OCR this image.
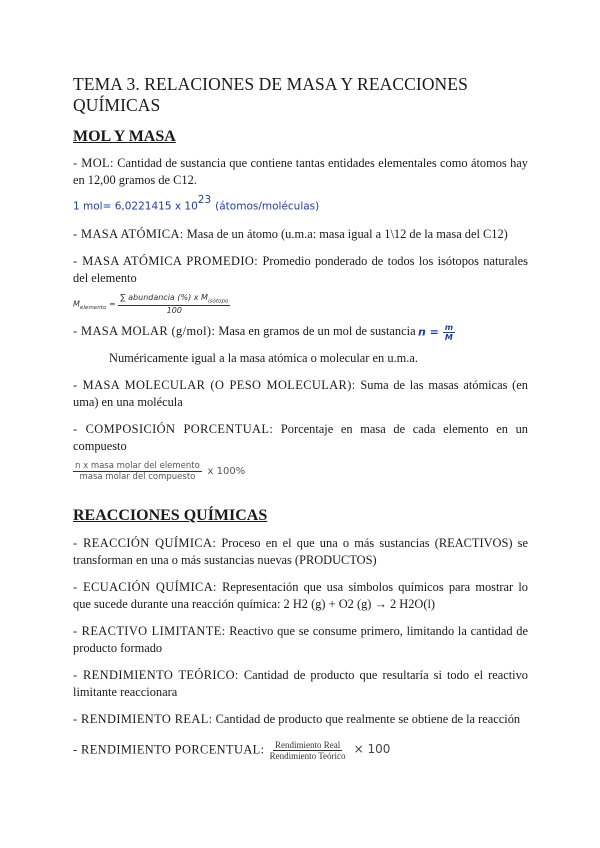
TEMA 3. RELACIONES DE MASA Y REACCIONES QUÍMICAS
MOL Y MASA

- MOL: Cantidad de sustancia que contiene tantas entidades elementales como átomos hay en 12,00 gramos de C12.

1 mol= 6,0221415 x $10^{23}$ (átomos/moléculas)

- MASA ATÓMICA: Masa de un átomo (u.m.a: masa igual a 1\12 de la masa del C12)

- MASA ATÓMICA PROMEDIO: Promedio ponderado de todos los isótopos naturales del elemento

$M_{elemento} = \frac{\sum abundancia (\%) x M_{isótopo}}{100}$

- MASA MOLAR (g/mol): Masa en gramos de un mol de sustancia $n = \frac{m}{M}$

Numéricamente igual a la masa atómica o molecular en u.m.a.

- MASA MOLECULAR (O PESO MOLECULAR): Suma de las masas atómicas (en uma) en una molécula

- COMPOSICIÓN PORCENTUAL: Porcentaje en masa de cada elemento en un compuesto

$\frac{\text{n x masa molar del elemento}}{\text{masa molar del compuesto}}$ x 100%
REACCIONES QUÍMICAS

- REACCIÓN QUÍMICA: Proceso en el que una o más sustancias (REACTIVOS) se transforman en una o más sustancias nuevas (PRODUCTOS)

- ECUACIÓN QUÍMICA: Representación que usa símbolos químicos para mostrar lo que sucede durante una reacción química: 2 H2 (g) + O2 (g) → 2 H2O(l)

- REACTIVO LIMITANTE: Reactivo que se consume primero, limitando la cantidad de producto formado

- RENDIMIENTO TEÓRICO: Cantidad de producto que resultaría si todo el reactivo limitante reaccionara

- RENDIMIENTO REAL: Cantidad de producto que realmente se obtiene de la reacción

- RENDIMIENTO PORCENTUAL: $\frac{\text{Rendimiento Real}}{\text{Rendimiento Teórico}} \times 100$
